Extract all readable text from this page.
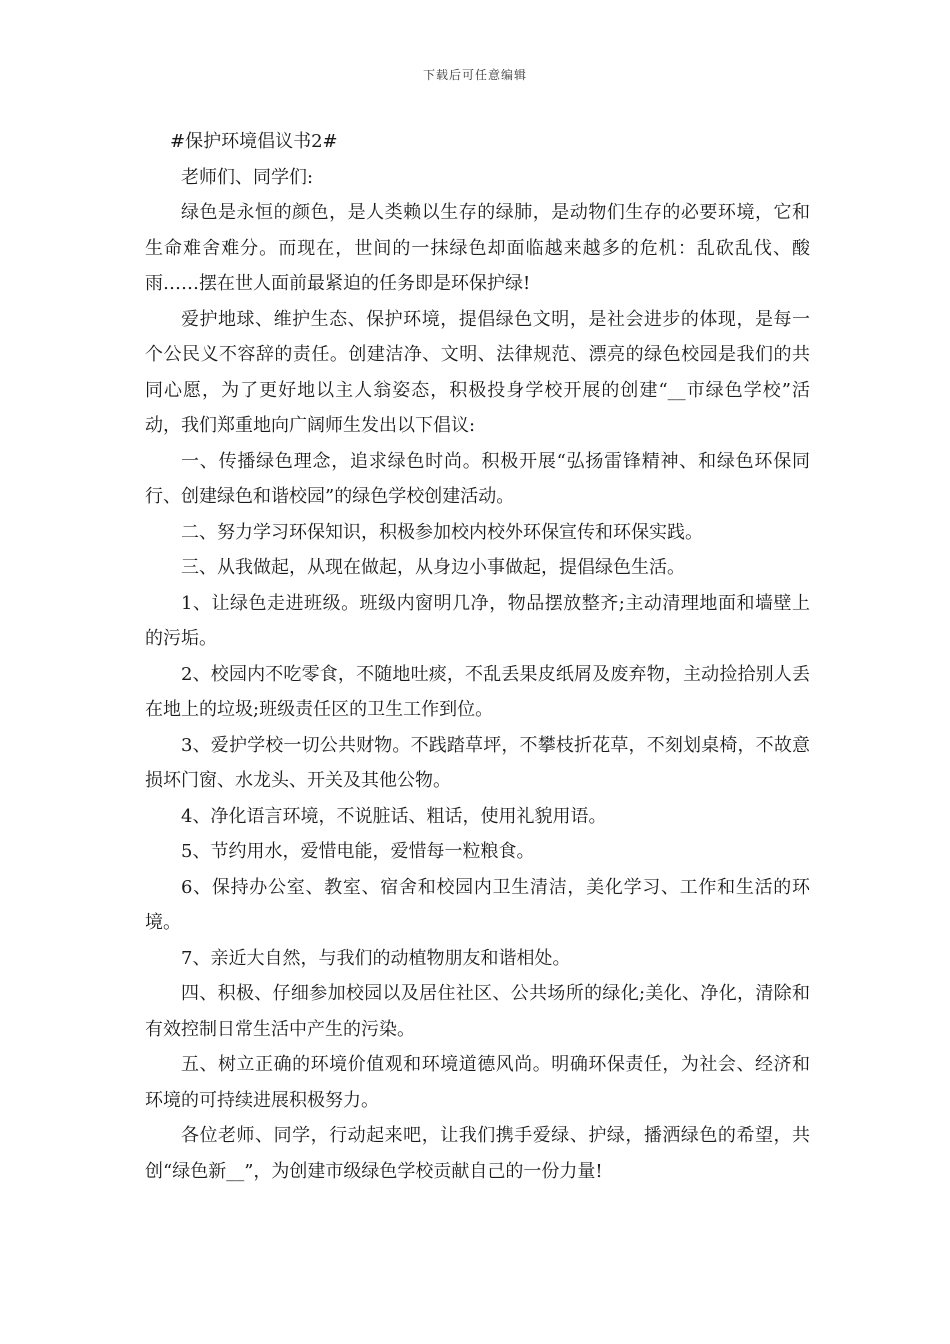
下载后可任意编辑

#保护环境倡议书2#

老师们、同学们:

绿色是永恒的颜色，是人类赖以生存的绿肺，是动物们生存的必要环境，它和生命难舍难分。而现在，世间的一抹绿色却面临越来越多的危机：乱砍乱伐、酸雨……摆在世人面前最紧迫的任务即是环保护绿!

爱护地球、维护生态、保护环境，提倡绿色文明，是社会进步的体现，是每一个公民义不容辞的责任。创建洁净、文明、法律规范、漂亮的绿色校园是我们的共同心愿，为了更好地以主人翁姿态，积极投身学校开展的创建“__市绿色学校”活动，我们郑重地向广阔师生发出以下倡议:

一、传播绿色理念，追求绿色时尚。积极开展“弘扬雷锋精神、和绿色环保同行、创建绿色和谐校园”的绿色学校创建活动。

二、努力学习环保知识，积极参加校内校外环保宣传和环保实践。

三、从我做起，从现在做起，从身边小事做起，提倡绿色生活。

1、让绿色走进班级。班级内窗明几净，物品摆放整齐;主动清理地面和墙壁上的污垢。

2、校园内不吃零食，不随地吐痰，不乱丢果皮纸屑及废弃物，主动捡拾别人丢在地上的垃圾;班级责任区的卫生工作到位。

3、爱护学校一切公共财物。不践踏草坪，不攀枝折花草，不刻划桌椅，不故意损坏门窗、水龙头、开关及其他公物。

4、净化语言环境，不说脏话、粗话，使用礼貌用语。

5、节约用水，爱惜电能，爱惜每一粒粮食。

6、保持办公室、教室、宿舍和校园内卫生清洁，美化学习、工作和生活的环境。

7、亲近大自然，与我们的动植物朋友和谐相处。

四、积极、仔细参加校园以及居住社区、公共场所的绿化;美化、净化，清除和有效控制日常生活中产生的污染。

五、树立正确的环境价值观和环境道德风尚。明确环保责任，为社会、经济和环境的可持续进展积极努力。

各位老师、同学，行动起来吧，让我们携手爱绿、护绿，播洒绿色的希望，共创“绿色新__”，为创建市级绿色学校贡献自己的一份力量!
